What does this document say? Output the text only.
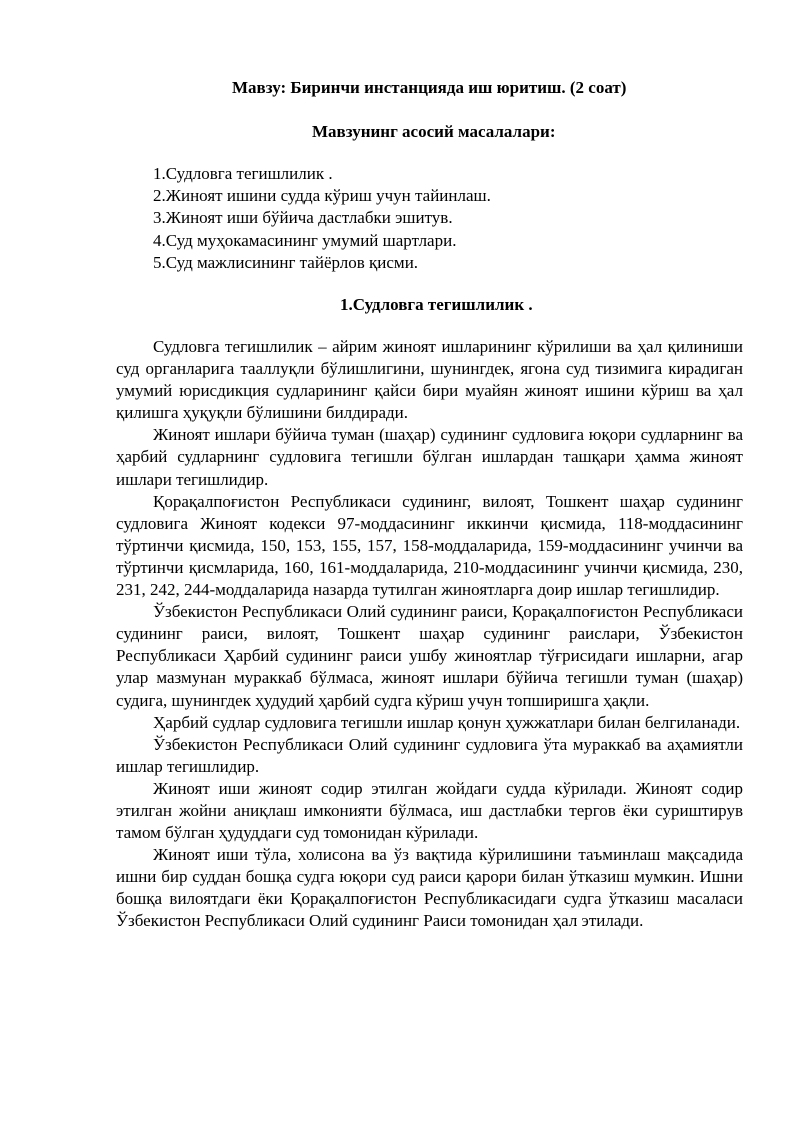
Мавзу: Биринчи инстанцияда иш юритиш. (2 соат)
Мавзунинг асосий масалалари:
1.Судловга тегишлилик .
2.Жиноят ишини судда кўриш учун тайинлаш.
3.Жиноят иши бўйича дастлабки эшитув.
4.Суд муҳокамасининг умумий шартлари.
5.Суд мажлисининг тайёрлов қисми.
1.Судловга тегишлилик .

Судловга тегишлилик – айрим жиноят ишларининг кўрилиши ва ҳал қилиниши суд органларига тааллуқли бўлишлигини, шунингдек, ягона суд тизимига кирадиган умумий юрисдикция судларининг қайси бири муайян жиноят ишини кўриш ва ҳал қилишга ҳуқуқли бўлишини билдиради.

Жиноят ишлари бўйича туман (шаҳар) судининг судловига юқори судларнинг ва ҳарбий судларнинг судловига тегишли бўлган ишлардан ташқари ҳамма жиноят ишлари тегишлидир.

Қорақалпоғистон Республикаси судининг, вилоят, Тошкент шаҳар судининг судловига Жиноят кодекси 97-моддасининг иккинчи қисмида, 118-моддасининг тўртинчи қисмида, 150, 153, 155, 157, 158-моддаларида, 159-моддасининг учинчи ва тўртинчи қисмларида, 160, 161-моддаларида, 210-моддасининг учинчи қисмида, 230, 231, 242, 244-моддаларида назарда тутилган жиноятларга доир ишлар тегишлидир.

Ўзбекистон Республикаси Олий судининг раиси, Қорақалпоғистон Республикаси судининг раиси, вилоят, Тошкент шаҳар судининг раислари, Ўзбекистон Республикаси Ҳарбий судининг раиси ушбу жиноятлар тўғрисидаги ишларни, агар улар мазмунан мураккаб бўлмаса, жиноят ишлари бўйича тегишли туман (шаҳар) судига, шунингдек ҳудудий ҳарбий судга кўриш учун топширишга ҳақли.

Ҳарбий судлар судловига тегишли ишлар қонун ҳужжатлари билан белгиланади.

Ўзбекистон Республикаси Олий судининг судловига ўта мураккаб ва аҳамиятли ишлар тегишлидир.

Жиноят иши жиноят содир этилган жойдаги судда кўрилади. Жиноят содир этилган жойни аниқлаш имконияти бўлмаса, иш дастлабки тергов ёки суриштирув тамом бўлган ҳудуддаги суд томонидан кўрилади.

Жиноят иши тўла, холисона ва ўз вақтида кўрилишини таъминлаш мақсадида ишни бир суддан бошқа судга юқори суд раиси қарори билан ўтказиш мумкин. Ишни бошқа вилоятдаги ёки Қорақалпоғистон Республикасидаги судга ўтказиш масаласи Ўзбекистон Республикаси Олий судининг Раиси томонидан ҳал этилади.
